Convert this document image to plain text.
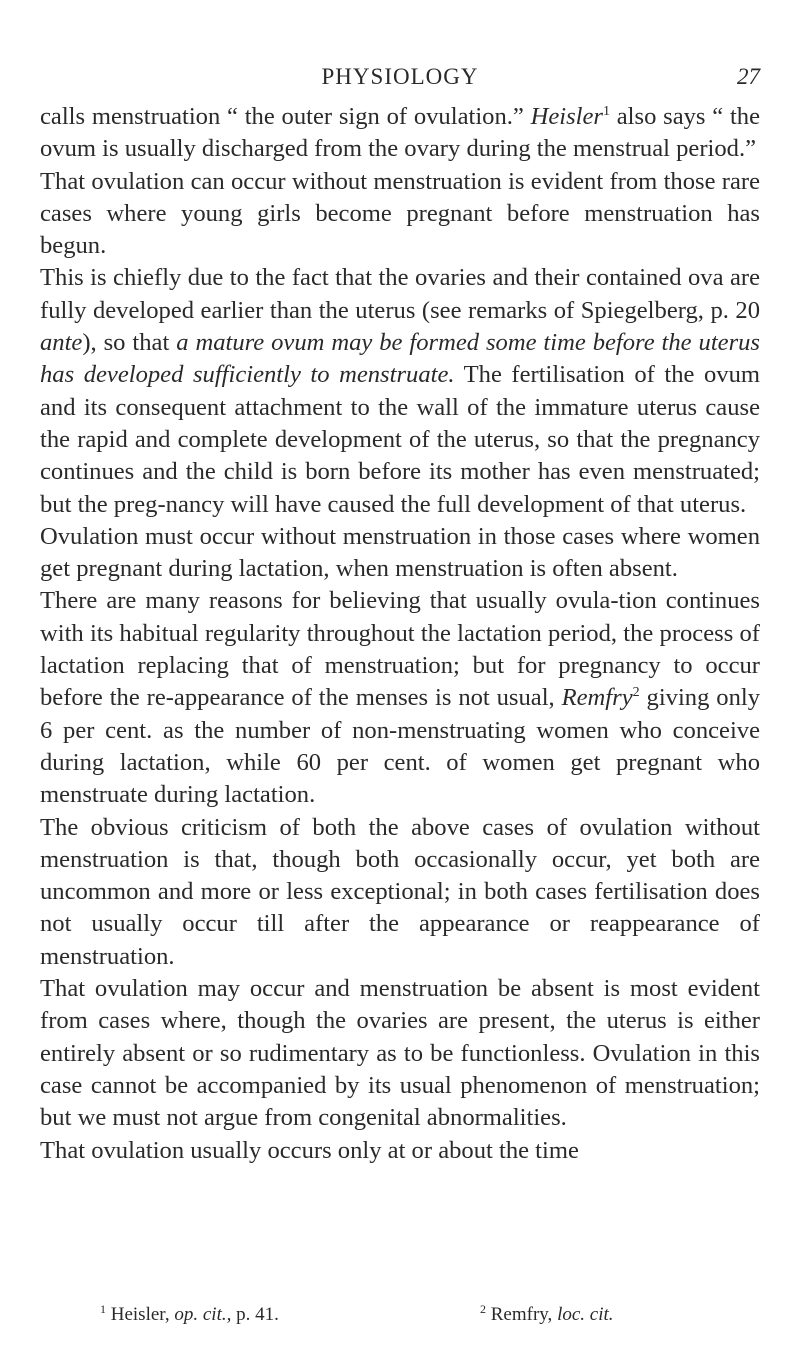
PHYSIOLOGY	27

calls menstruation “ the outer sign of ovulation.” Heisler$^1$ also says “ the ovum is usually discharged from the ovary during the menstrual period.”

That ovulation can occur without menstruation is evident from those rare cases where young girls become pregnant before menstruation has begun.

This is chiefly due to the fact that the ovaries and their contained ova are fully developed earlier than the uterus (see remarks of Spiegelberg, p. 20 ante), so that a mature ovum may be formed some time before the uterus has developed sufficiently to menstruate. The fertilisation of the ovum and its consequent attachment to the wall of the immature uterus cause the rapid and complete development of the uterus, so that the pregnancy continues and the child is born before its mother has even menstruated; but the preg-nancy will have caused the full development of that uterus.

Ovulation must occur without menstruation in those cases where women get pregnant during lactation, when menstruation is often absent.

There are many reasons for believing that usually ovula-tion continues with its habitual regularity throughout the lactation period, the process of lactation replacing that of menstruation; but for pregnancy to occur before the re-appearance of the menses is not usual, Remfry$^2$ giving only 6 per cent. as the number of non-menstruating women who conceive during lactation, while 60 per cent. of women get pregnant who menstruate during lactation.

The obvious criticism of both the above cases of ovulation without menstruation is that, though both occasionally occur, yet both are uncommon and more or less exceptional; in both cases fertilisation does not usually occur till after the appearance or reappearance of menstruation.

That ovulation may occur and menstruation be absent is most evident from cases where, though the ovaries are present, the uterus is either entirely absent or so rudimentary as to be functionless. Ovulation in this case cannot be accompanied by its usual phenomenon of menstruation; but we must not argue from congenital abnormalities.

That ovulation usually occurs only at or about the time

$^1$ Heisler, op. cit., p. 41.	$^2$ Remfry, loc. cit.
